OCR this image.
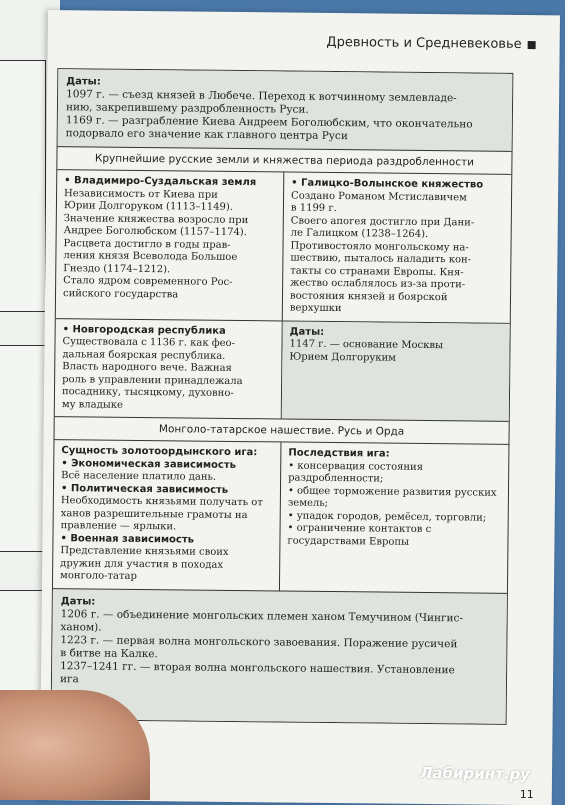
Древность и Средневековье
Даты:
1097 г. — съезд князей в Любече. Переход к вотчинному землевладе-
нию, закрепившему раздробленность Руси.
1169 г. — разграбление Киева Андреем Боголюбским, что окончательно
подорвало его значение как главного центра Руси
Крупнейшие русские земли и княжества периода раздробленности
• Владимиро-Суздальская земля

Независимость от Киева при

Юрии Долгоруком (1113–1149).

Значение княжества возросло при

Андрее Боголюбском (1157–1174).

Расцвета достигло в годы прав-

ления князя Всеволода Большое

Гнездо (1174–1212).

Стало ядром современного Рос-

сийского государства

• Галицко-Волынское княжество

Создано Романом Мстиславичем

в 1199 г.

Своего апогея достигло при Дани-

ле Галицком (1238–1264).

Противостояло монгольскому на-

шествию, пыталось наладить кон-

такты со странами Европы. Кня-

жество ослаблялось из-за проти-

востояния князей и боярской

верхушки

• Новгородская республика

Существовала с 1136 г. как фео-

дальная боярская республика.

Власть народного вече. Важная

роль в управлении принадлежала

посаднику, тысяцкому, духовно-

му владыке

Даты:

1147 г. — основание Москвы

Юрием Долгоруким

Монголо-татарское нашествие. Русь и Орда
Сущность золотоордынского ига:
• Экономическая зависимость

Всё население платило дань.

• Политическая зависимость

Необходимость князьями получать от ханов разрешительные грамоты на правление — ярлыки.

• Военная зависимость

Представление князьями своих дружин для участия в походах монголо-татар

Последствия ига:

• консервация состояния раздробленности;

• общее торможение развития русских земель;

• упадок городов, ремёсел, торговли;

• ограничение контактов с государствами Европы

Даты:
1206 г. — объединение монгольских племен ханом Темучином (Чингис-
ханом).
1223 г. — первая волна монгольского завоевания. Поражение русичей
в битве на Калке.
1237–1241 гг. — вторая волна монгольского нашествия. Установление
ига
Лабиринт.ру
11
